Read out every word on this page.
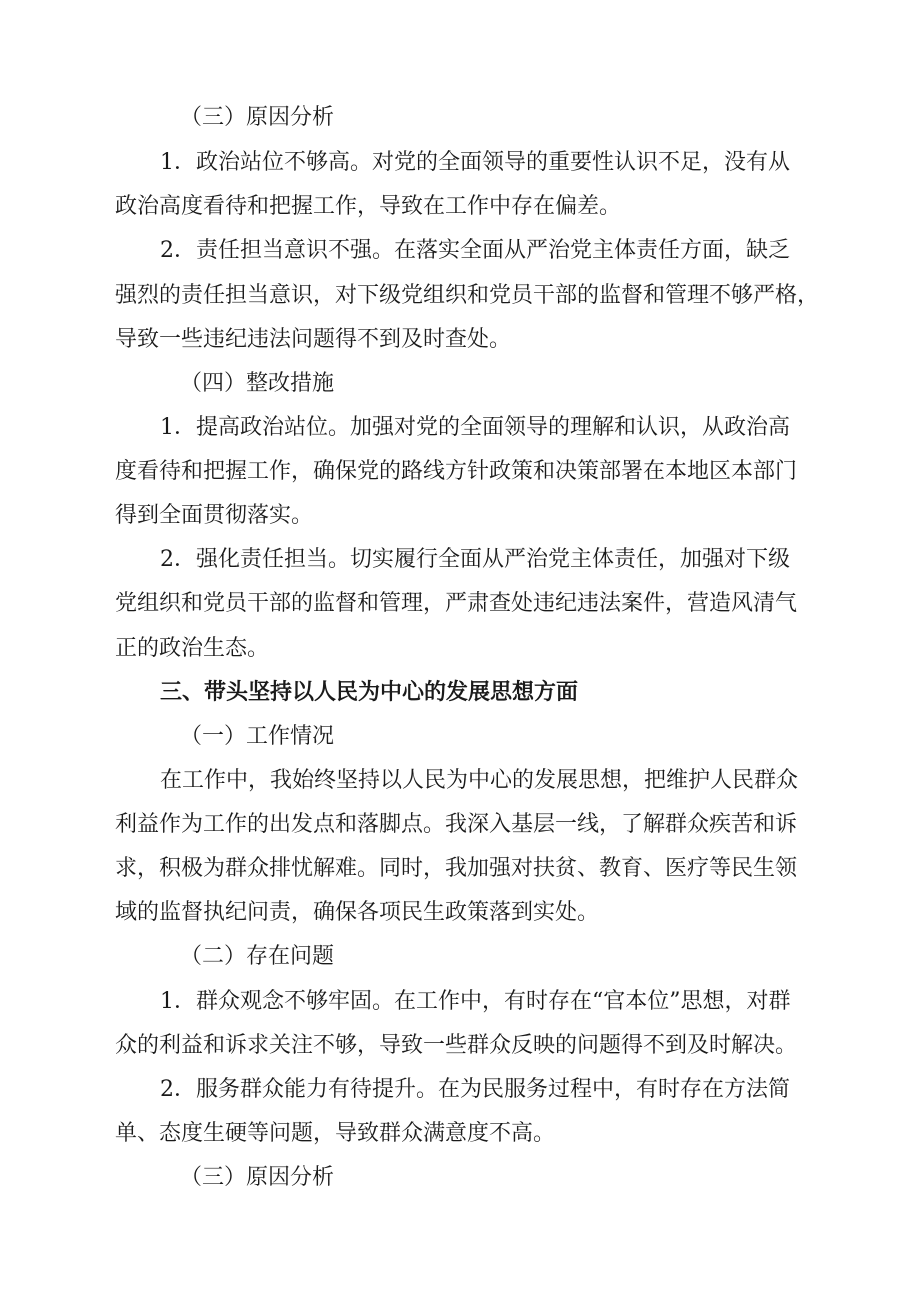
（三）原因分析
1．政治站位不够高。对党的全面领导的重要性认识不足，没有从
政治高度看待和把握工作，导致在工作中存在偏差。
2．责任担当意识不强。在落实全面从严治党主体责任方面，缺乏
强烈的责任担当意识，对下级党组织和党员干部的监督和管理不够严格，
导致一些违纪违法问题得不到及时查处。
（四）整改措施
1．提高政治站位。加强对党的全面领导的理解和认识，从政治高
度看待和把握工作，确保党的路线方针政策和决策部署在本地区本部门
得到全面贯彻落实。
2．强化责任担当。切实履行全面从严治党主体责任，加强对下级
党组织和党员干部的监督和管理，严肃查处违纪违法案件，营造风清气
正的政治生态。
三、带头坚持以人民为中心的发展思想方面
（一）工作情况
在工作中，我始终坚持以人民为中心的发展思想，把维护人民群众
利益作为工作的出发点和落脚点。我深入基层一线，了解群众疾苦和诉
求，积极为群众排忧解难。同时，我加强对扶贫、教育、医疗等民生领
域的监督执纪问责，确保各项民生政策落到实处。
（二）存在问题
1．群众观念不够牢固。在工作中，有时存在“官本位”思想，对群
众的利益和诉求关注不够，导致一些群众反映的问题得不到及时解决。
2．服务群众能力有待提升。在为民服务过程中，有时存在方法简
单、态度生硬等问题，导致群众满意度不高。
（三）原因分析
